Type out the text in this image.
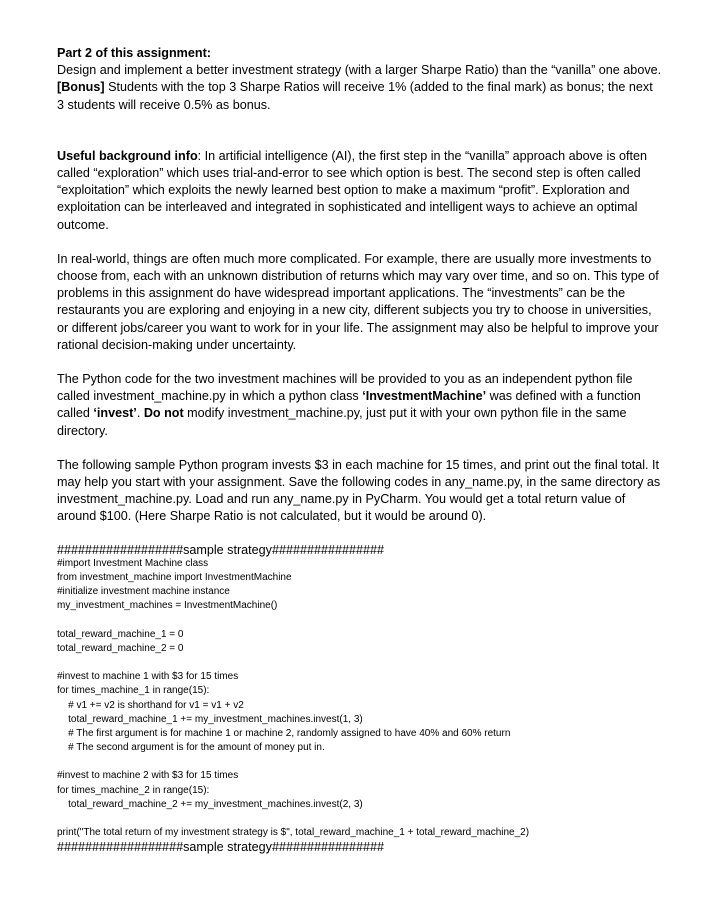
Part 2 of this assignment:
Design and implement a better investment strategy (with a larger Sharpe Ratio) than the “vanilla” one above. [Bonus] Students with the top 3 Sharpe Ratios will receive 1% (added to the final mark) as bonus; the next 3 students will receive 0.5% as bonus.

Useful background info: In artificial intelligence (AI), the first step in the “vanilla” approach above is often called “exploration” which uses trial-and-error to see which option is best. The second step is often called “exploitation” which exploits the newly learned best option to make a maximum “profit”. Exploration and exploitation can be interleaved and integrated in sophisticated and intelligent ways to achieve an optimal outcome.

In real-world, things are often much more complicated. For example, there are usually more investments to choose from, each with an unknown distribution of returns which may vary over time, and so on. This type of problems in this assignment do have widespread important applications. The “investments” can be the restaurants you are exploring and enjoying in a new city, different subjects you try to choose in universities, or different jobs/career you want to work for in your life. The assignment may also be helpful to improve your rational decision-making under uncertainty.

The Python code for the two investment machines will be provided to you as an independent python file called investment_machine.py in which a python class ‘InvestmentMachine’ was defined with a function called ‘invest’. Do not modify investment_machine.py, just put it with your own python file in the same directory.

The following sample Python program invests $3 in each machine for 15 times, and print out the final total. It may help you start with your assignment. Save the following codes in any_name.py, in the same directory as investment_machine.py. Load and run any_name.py in PyCharm. You would get a total return value of around $100. (Here Sharpe Ratio is not calculated, but it would be around 0).

##################sample strategy################
#import Investment Machine class
from investment_machine import InvestmentMachine
#initialize investment machine instance
my_investment_machines = InvestmentMachine()
total_reward_machine_1 = 0
total_reward_machine_2 = 0
#invest to machine 1 with $3 for 15 times
for times_machine_1 in range(15):
# v1 += v2 is shorthand for v1 = v1 + v2
total_reward_machine_1 += my_investment_machines.invest(1, 3)
# The first argument is for machine 1 or machine 2, randomly assigned to have 40% and 60% return
# The second argument is for the amount of money put in.
#invest to machine 2 with $3 for 15 times
for times_machine_2 in range(15):
total_reward_machine_2 += my_investment_machines.invest(2, 3)
print("The total return of my investment strategy is $", total_reward_machine_1 + total_reward_machine_2)
##################sample strategy################
